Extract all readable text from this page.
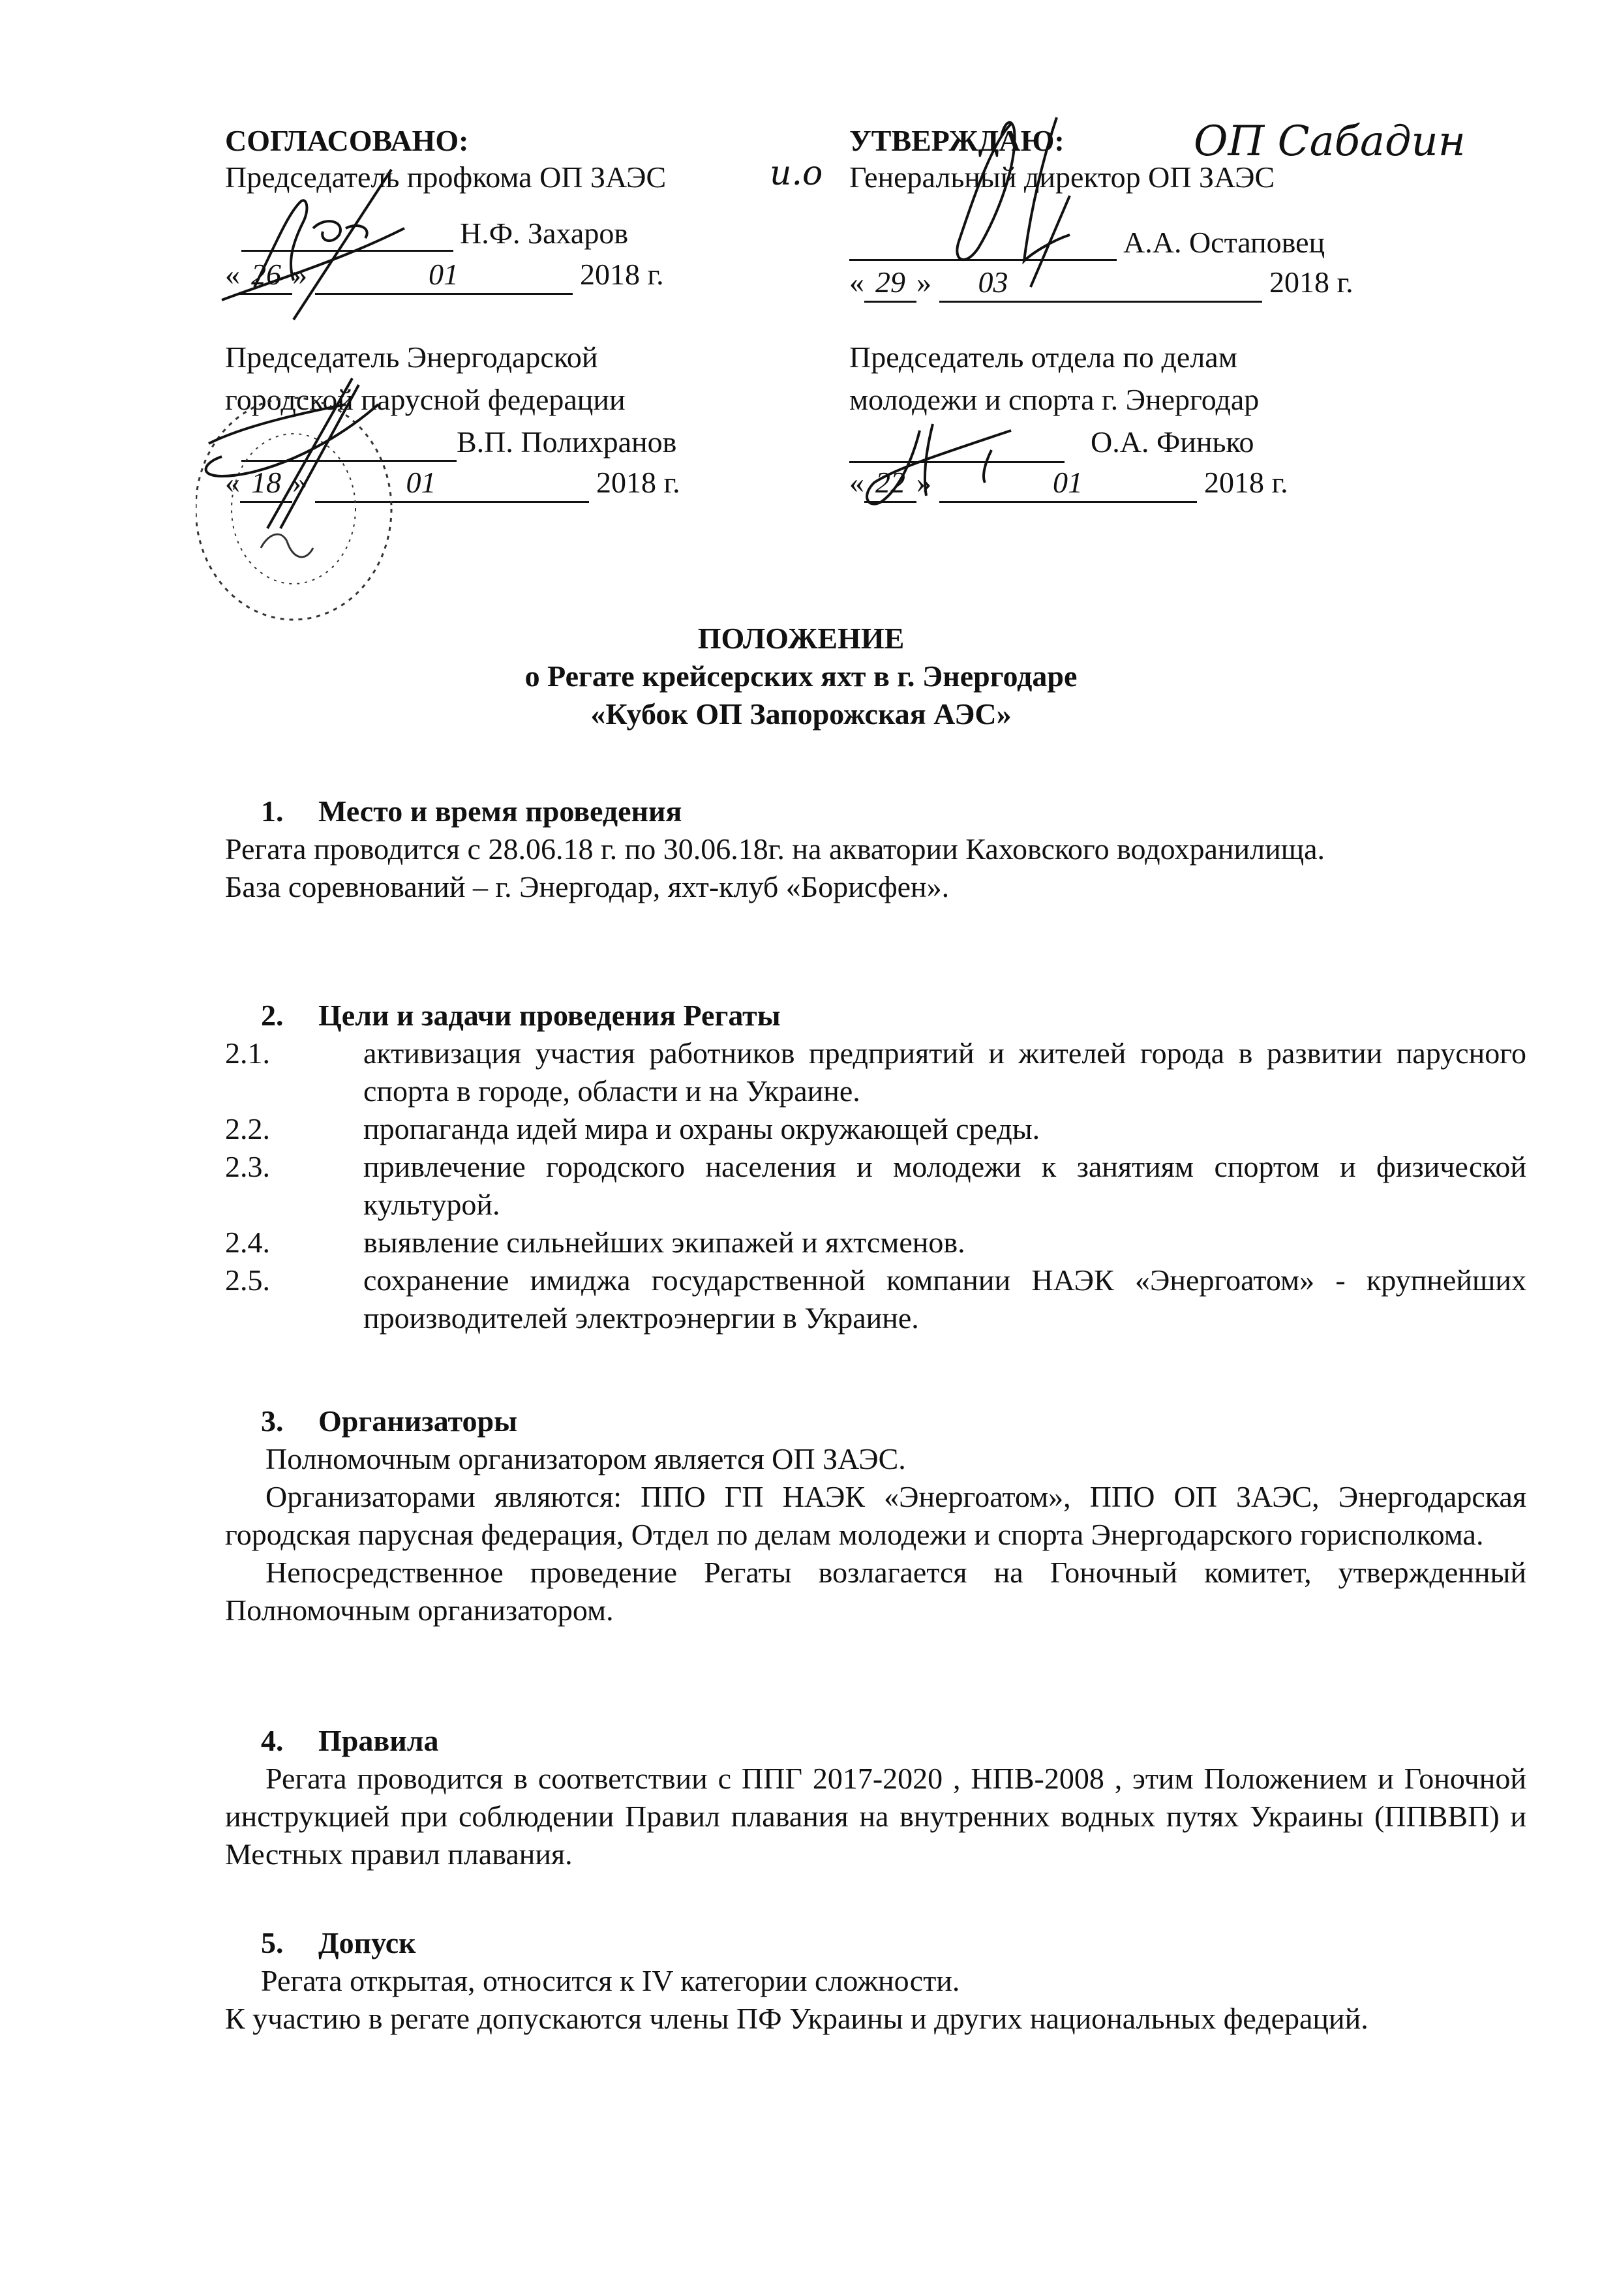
СОГЛАСОВАНО:
Председатель профкома ОП ЗАЭС	и.о
Н.Ф. Захаров
« 26 »	01	2018 г.
УТВЕРЖДАЮ:	ОП Сабадин
Генеральный директор ОП ЗАЭС
А.А. Остаповец
« 29 » 03	2018 г.
Председатель Энергодарской
городской парусной федерации
В.П. Полихранов
« 18 »	01	2018 г.
Председатель отдела по делам
молодежи и спорта г. Энергодар
О.А. Финько
« 22 »	01	2018 г.
ПОЛОЖЕНИЕ
о Регате крейсерских яхт в г. Энергодаре
«Кубок ОП Запорожская АЭС»
1. Место и время проведения
Регата проводится с 28.06.18 г. по 30.06.18г. на акватории Каховского водохранилища.
База соревнований – г. Энергодар, яхт-клуб «Борисфен».
2. Цели и задачи проведения Регаты
2.1.	активизация участия работников предприятий и жителей города в развитии парусного спорта в городе, области и на Украине.
2.2.	пропаганда идей мира и охраны окружающей среды.
2.3.	привлечение городского населения и молодежи к занятиям спортом и физической культурой.
2.4.	выявление сильнейших экипажей и яхтсменов.
2.5.	сохранение имиджа государственной компании НАЭК «Энергоатом» - крупнейших производителей электроэнергии в Украине.
3. Организаторы
Полномочным организатором является ОП ЗАЭС.
Организаторами являются: ППО ГП НАЭК «Энергоатом», ППО ОП ЗАЭС, Энергодарская городская парусная федерация, Отдел по делам молодежи и спорта Энергодарского горисполкома.
Непосредственное проведение Регаты возлагается на Гоночный комитет, утвержденный Полномочным организатором.
4. Правила
Регата проводится в соответствии с ППГ 2017-2020 , НПВ-2008 , этим Положением и Гоночной инструкцией при соблюдении Правил плавания на внутренних водных путях Украины (ППВВП) и Местных правил плавания.
5. Допуск
Регата открытая, относится к IV категории сложности.
К участию в регате допускаются члены ПФ Украины и других национальных федераций.
